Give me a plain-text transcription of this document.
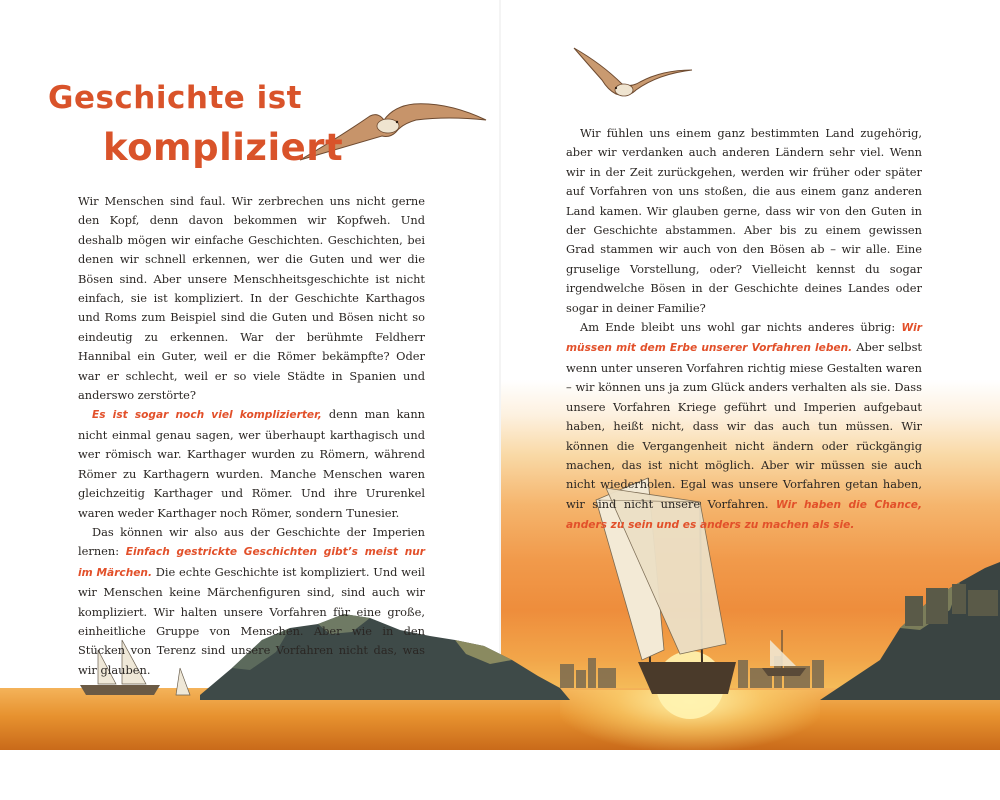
Geschichte ist
kompliziert

Wir Menschen sind faul. Wir zerbrechen uns nicht gerne den Kopf, denn davon bekommen wir Kopfweh. Und deshalb mögen wir einfache Geschichten. Geschichten, bei denen wir schnell erkennen, wer die Guten und wer die Bösen sind. Aber unsere Menschheitsgeschichte ist nicht einfach, sie ist kompliziert. In der Geschichte Karthagos und Roms zum Beispiel sind die Guten und Bösen nicht so eindeutig zu erkennen. War der berühmte Feldherr Hannibal ein Guter, weil er die Römer bekämpfte? Oder war er schlecht, weil er so viele Städte in Spanien und anderswo zerstörte?

Es ist sogar noch viel komplizierter, denn man kann nicht einmal genau sagen, wer überhaupt karthagisch und wer römisch war. Karthager wurden zu Römern, während Römer zu Karthagern wurden. Manche Menschen waren gleichzeitig Karthager und Römer. Und ihre Ururenkel waren weder Karthager noch Römer, sondern Tunesier.

Das können wir also aus der Geschichte der Imperien lernen: Einfach gestrickte Geschichten gibt’s meist nur im Märchen. Die echte Geschichte ist kompliziert. Und weil wir Menschen keine Märchenfiguren sind, sind auch wir kompliziert. Wir halten unsere Vorfahren für eine große, einheitliche Gruppe von Menschen. Aber wie in den Stücken von Terenz sind unsere Vorfahren nicht das, was wir glauben.

Wir fühlen uns einem ganz bestimmten Land zugehörig, aber wir verdanken auch anderen Ländern sehr viel. Wenn wir in der Zeit zurückgehen, werden wir früher oder später auf Vorfahren von uns stoßen, die aus einem ganz anderen Land kamen. Wir glauben gerne, dass wir von den Guten in der Geschichte abstammen. Aber bis zu einem gewissen Grad stammen wir auch von den Bösen ab – wir alle. Eine gruselige Vorstellung, oder? Vielleicht kennst du sogar irgendwelche Bösen in der Geschichte deines Landes oder sogar in deiner Familie?

Am Ende bleibt uns wohl gar nichts anderes übrig: Wir müssen mit dem Erbe unserer Vorfahren leben. Aber selbst wenn unter unseren Vorfahren richtig miese Gestalten waren – wir können uns ja zum Glück anders verhalten als sie. Dass unsere Vorfahren Kriege geführt und Imperien aufgebaut haben, heißt nicht, dass wir das auch tun müssen. Wir können die Vergangenheit nicht ändern oder rückgängig machen, das ist nicht möglich. Aber wir müssen sie auch nicht wiederholen. Egal was unsere Vorfahren getan haben, wir sind nicht unsere Vorfahren. Wir haben die Chance, anders zu sein und es anders zu machen als sie.
